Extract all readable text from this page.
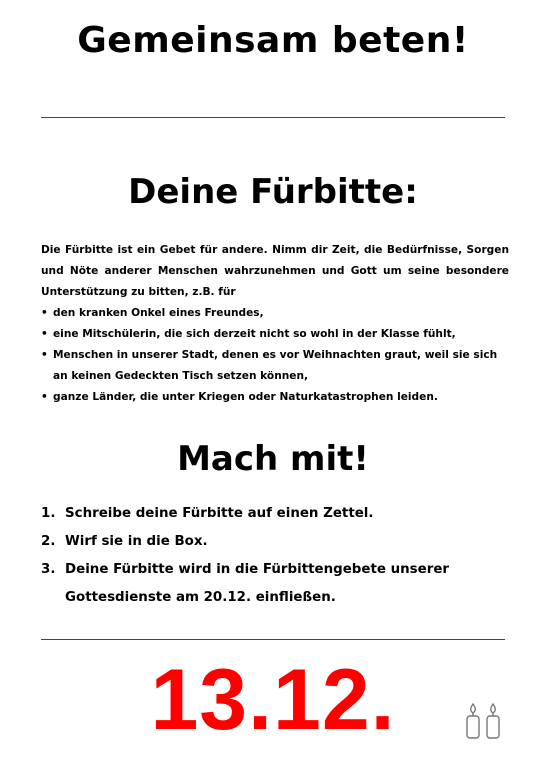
Gemeinsam beten!
Deine Fürbitte:
Die Fürbitte ist ein Gebet für andere. Nimm dir Zeit, die Bedürfnisse, Sorgen und Nöte anderer Menschen wahrzunehmen und Gott um seine besondere Unterstützung zu bitten, z.B. für
• den kranken Onkel eines Freundes,
• eine Mitschülerin, die sich derzeit nicht so wohl in der Klasse fühlt,
• Menschen in unserer Stadt, denen es vor Weihnachten graut, weil sie sich an keinen Gedeckten Tisch setzen können,
• ganze Länder, die unter Kriegen oder Naturkatastrophen leiden.
Mach mit!
1. Schreibe deine Fürbitte auf einen Zettel.
2. Wirf sie in die Box.
3. Deine Fürbitte wird in die Fürbittengebete unserer Gottesdienste am 20.12. einfließen.
13.12.
